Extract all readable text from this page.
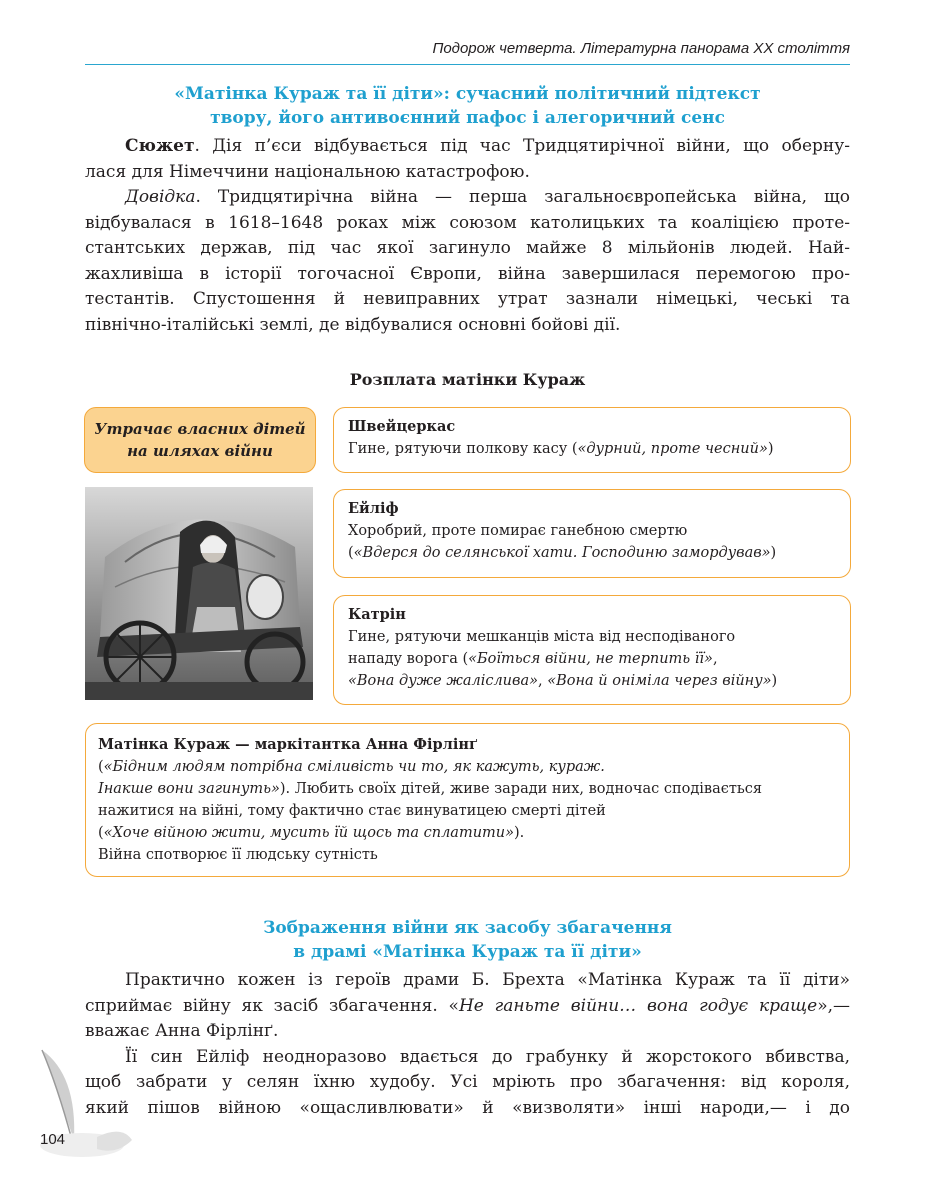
Подорож четверта. Літературна панорама XX століття
«Матінка Кураж та її діти»: сучасний політичний підтекст
твору, його антивоєнний пафос і алегоричний сенс

Сюжет. Дія п’єси відбувається під час Тридцятирічної війни, що оберну-

лася для Німеччини національною катастрофою.

Довідка. Тридцятирічна війна — перша загальноєвропейська війна, що

відбувалася в 1618–1648 роках між союзом католицьких та коаліцією проте-

стантських держав, під час якої загинуло майже 8 мільйонів людей. Най-

жахливіша в історії тогочасної Європи, війна завершилася перемогою про-

тестантів. Спустошення й невиправних утрат зазнали німецькі, чеські та

північно-італійські землі, де відбувалися основні бойові дії.

Розплата матінки Кураж
Утрачає власних дітей
на шляхах війни
Швейцеркас
Гине, рятуючи полкову касу («дурний, проте чесний»)
Ейліф
Хоробрий, проте помирає ганебною смертю
(«Вдерся до селянської хати. Господиню замордував»)
Катрін
Гине, рятуючи мешканців міста від несподіваного
нападу ворога («Боїться війни, не терпить її»,
«Вона дуже жаліслива», «Вона й оніміла через війну»)
Матінка Кураж — маркітантка Анна Фірлінґ
(«Бідним людям потрібна сміливість чи то, як кажуть, кураж.
Інакше вони загинуть»). Любить своїх дітей, живе заради них, водночас сподівається
нажитися на війні, тому фактично стає винуватицею смерті дітей
(«Хоче війною жити, мусить їй щось та сплатити»).
Війна спотворює її людську сутність
Зображення війни як засобу збагачення
в драмі «Матінка Кураж та її діти»

Практично кожен із героїв драми Б. Брехта «Матінка Кураж та її діти»

сприймає війну як засіб збагачення. «Не ганьте війни… вона годує краще»,—

вважає Анна Фірлінґ.

Її син Ейліф неодноразово вдається до грабунку й жорстокого вбивства,

щоб забрати у селян їхню худобу. Усі мріють про збагачення: від короля,

який пішов війною «ощасливлювати» й «визволяти» інші народи,— і до

104
